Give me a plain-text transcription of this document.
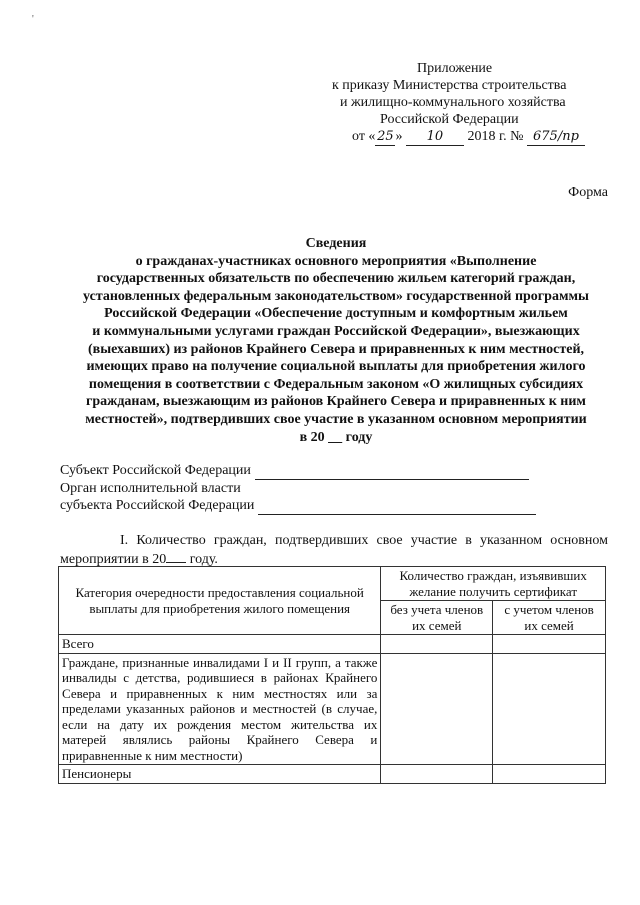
'
Приложение
к приказу Министерства строительства
и жилищно-коммунального хозяйства
Российской Федерации
от « 25 » 10 2018 г. № 675/пр
Форма
Сведения
о гражданах-участниках основного мероприятия «Выполнение
государственных обязательств по обеспечению жильем категорий граждан,
установленных федеральным законодательством» государственной программы
Российской Федерации «Обеспечение доступным и комфортным жильем
и коммунальными услугами граждан Российской Федерации», выезжающих
(выехавших) из районов Крайнего Севера и приравненных к ним местностей,
имеющих право на получение социальной выплаты для приобретения жилого
помещения в соответствии с Федеральным законом «О жилищных субсидиях
гражданам, выезжающим из районов Крайнего Севера и приравненных к ним
местностей», подтвердивших свое участие в указанном основном мероприятии
в 20 __ году
Субъект Российской Федерации
Орган исполнительной власти
субъекта Российской Федерации
I. Количество граждан, подтвердивших свое участие в указанном основном
мероприятии в 20 году.
Категория очередности предоставления социальной выплаты для приобретения жилого помещения	Количество граждан, изъявивших желание получить сертификат	
	без учета членов их семей	с учетом членов их семей
Всего		
Граждане, признанные инвалидами I и II групп, а также инвалиды с детства, родившиеся в районах Крайнего Севера и приравненных к ним местностях или за пределами указанных районов и местностей (в случае, если на дату их рождения местом жительства их матерей являлись районы Крайнего Севера и приравненные к ним местности)		
Пенсионеры		
